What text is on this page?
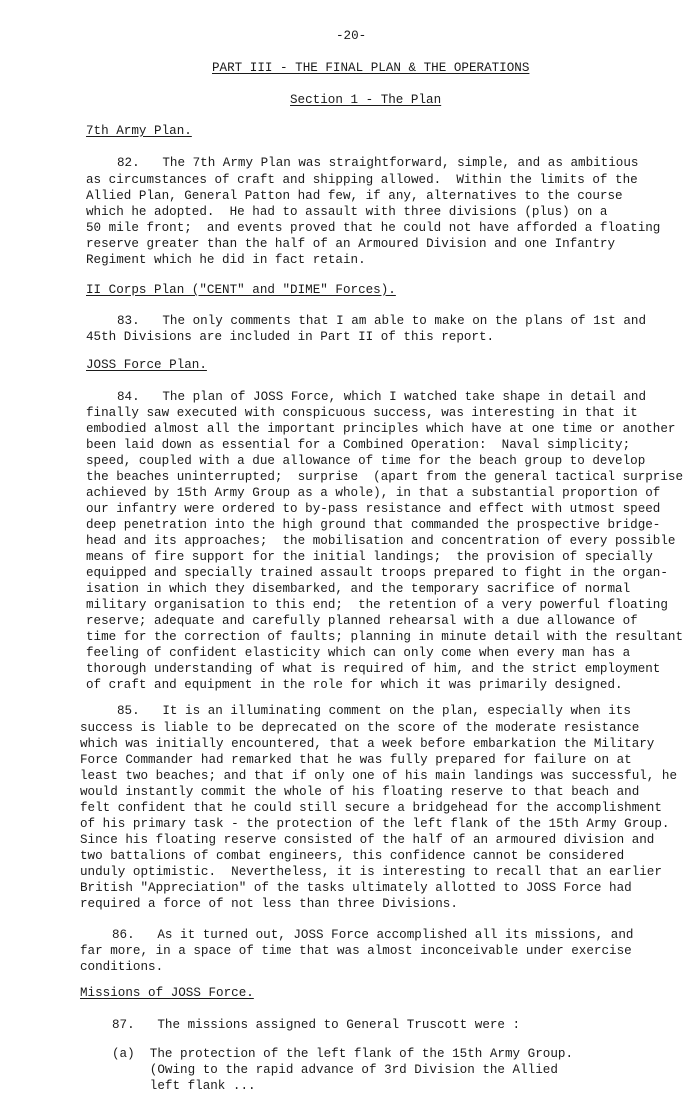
-20-
PART III - THE FINAL PLAN & THE OPERATIONS
Section 1 - The Plan
7th Army Plan.
82.   The 7th Army Plan was straightforward, simple, and as ambitious
as circumstances of craft and shipping allowed.  Within the limits of the
Allied Plan, General Patton had few, if any, alternatives to the course
which he adopted.  He had to assault with three divisions (plus) on a
50 mile front;  and events proved that he could not have afforded a floating
reserve greater than the half of an Armoured Division and one Infantry
Regiment which he did in fact retain.
II Corps Plan ("CENT" and "DIME" Forces).
83.   The only comments that I am able to make on the plans of 1st and
45th Divisions are included in Part II of this report.
JOSS Force Plan.
84.   The plan of JOSS Force, which I watched take shape in detail and
finally saw executed with conspicuous success, was interesting in that it
embodied almost all the important principles which have at one time or another
been laid down as essential for a Combined Operation:  Naval simplicity;
speed, coupled with a due allowance of time for the beach group to develop
the beaches uninterrupted;  surprise  (apart from the general tactical surprise
achieved by 15th Army Group as a whole), in that a substantial proportion of
our infantry were ordered to by-pass resistance and effect with utmost speed
deep penetration into the high ground that commanded the prospective bridge-
head and its approaches;  the mobilisation and concentration of every possible
means of fire support for the initial landings;  the provision of specially
equipped and specially trained assault troops prepared to fight in the organ-
isation in which they disembarked, and the temporary sacrifice of normal
military organisation to this end;  the retention of a very powerful floating
reserve; adequate and carefully planned rehearsal with a due allowance of
time for the correction of faults; planning in minute detail with the resultant
feeling of confident elasticity which can only come when every man has a
thorough understanding of what is required of him, and the strict employment
of craft and equipment in the role for which it was primarily designed.
85.   It is an illuminating comment on the plan, especially when its
success is liable to be deprecated on the score of the moderate resistance
which was initially encountered, that a week before embarkation the Military
Force Commander had remarked that he was fully prepared for failure on at
least two beaches; and that if only one of his main landings was successful, he
would instantly commit the whole of his floating reserve to that beach and
felt confident that he could still secure a bridgehead for the accomplishment
of his primary task - the protection of the left flank of the 15th Army Group.
Since his floating reserve consisted of the half of an armoured division and
two battalions of combat engineers, this confidence cannot be considered
unduly optimistic.  Nevertheless, it is interesting to recall that an earlier
British "Appreciation" of the tasks ultimately allotted to JOSS Force had
required a force of not less than three Divisions.
86.   As it turned out, JOSS Force accomplished all its missions, and
far more, in a space of time that was almost inconceivable under exercise
conditions.
Missions of JOSS Force.
87.   The missions assigned to General Truscott were :
(a)  The protection of the left flank of the 15th Army Group.
(Owing to the rapid advance of 3rd Division the Allied
left flank ...
